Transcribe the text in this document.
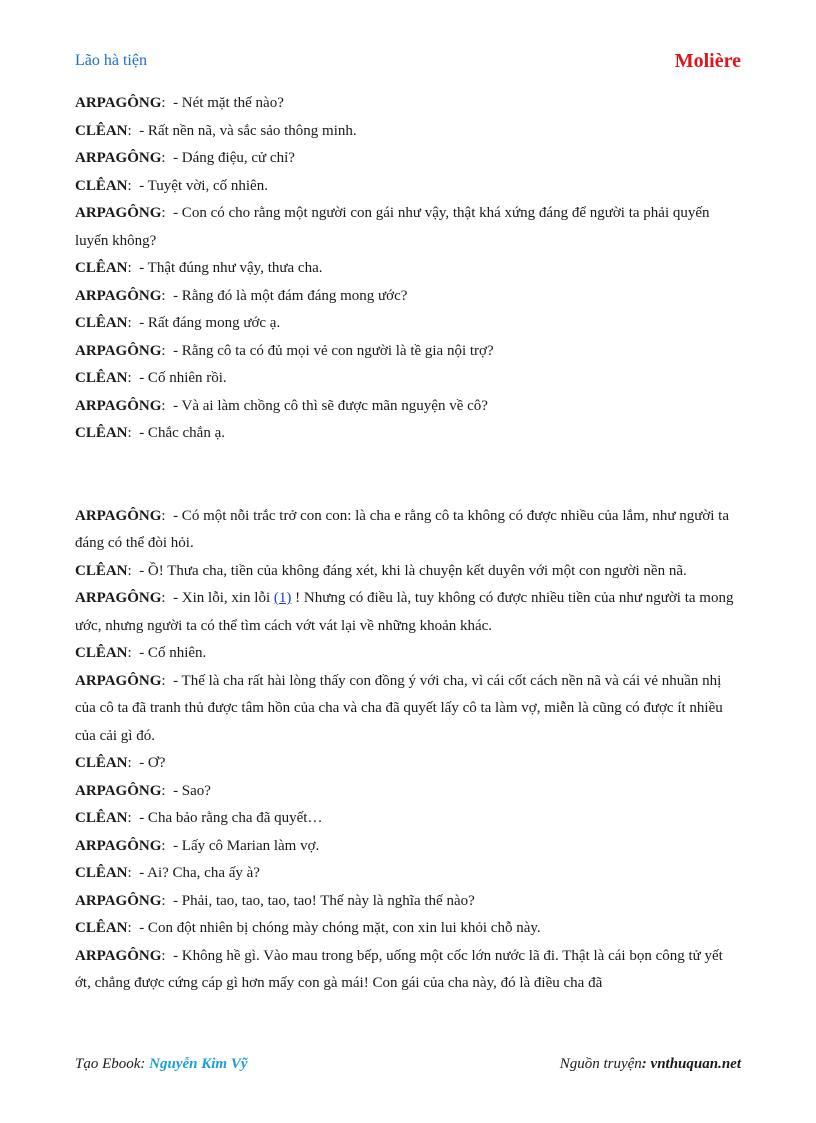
Lão hà tiện	Molière

ARPAGÔNG:  - Nét mặt thế nào?

CLÊAN:  - Rất nền nã, và sắc sảo thông minh.

ARPAGÔNG:  - Dáng điệu, cử chỉ?

CLÊAN:  - Tuyệt vời, cố nhiên.

ARPAGÔNG:  - Con có cho rằng một người con gái như vậy, thật khá xứng đáng để người ta phải quyến luyến không?

CLÊAN:  - Thật đúng như vậy, thưa cha.

ARPAGÔNG:  - Rằng đó là một đám đáng mong ước?

CLÊAN:  - Rất đáng mong ước ạ.

ARPAGÔNG:  - Rằng cô ta có đủ mọi vẻ con người là tề gia nội trợ?

CLÊAN:  - Cố nhiên rồi.

ARPAGÔNG:  - Và ai làm chồng cô thì sẽ được mãn nguyện về cô?

CLÊAN:  - Chắc chắn ạ.

ARPAGÔNG:  - Có một nỗi trắc trở con con: là cha e rằng cô ta không có được nhiều của lắm, như người ta đáng có thể đòi hỏi.

CLÊAN:  - Ồ! Thưa cha, tiền của không đáng xét, khi là chuyện kết duyên với một con người nền nã.

ARPAGÔNG:  - Xin lỗi, xin lỗi (1) ! Nhưng có điều là, tuy không có được nhiều tiền của như người ta mong ước, nhưng người ta có thể tìm cách vớt vát lại về những khoản khác.

CLÊAN:  - Cố nhiên.

ARPAGÔNG:  - Thế là cha rất hài lòng thấy con đồng ý với cha, vì cái cốt cách nền nã và cái vẻ nhuần nhị của cô ta đã tranh thủ được tâm hồn của cha và cha đã quyết lấy cô ta làm vợ, miễn là cũng có được ít nhiều của cải gì đó.

CLÊAN:  - Ơ?

ARPAGÔNG:  - Sao?

CLÊAN:  - Cha bảo rằng cha đã quyết…

ARPAGÔNG:  - Lấy cô Marian làm vợ.

CLÊAN:  - Ai? Cha, cha ấy à?

ARPAGÔNG:  - Phải, tao, tao, tao, tao! Thế này là nghĩa thế nào?

CLÊAN:  - Con đột nhiên bị chóng mày chóng mặt, con xin lui khỏi chỗ này.

ARPAGÔNG:  - Không hề gì. Vào mau trong bếp, uống một cốc lớn nước lã đi. Thật là cái bọn công tử yết ớt, chẳng được cứng cáp gì hơn mấy con gà mái! Con gái của cha này, đó là điều cha đã

Tạo Ebook: Nguyễn Kim Vỹ	Nguồn truyện: vnthuquan.net
